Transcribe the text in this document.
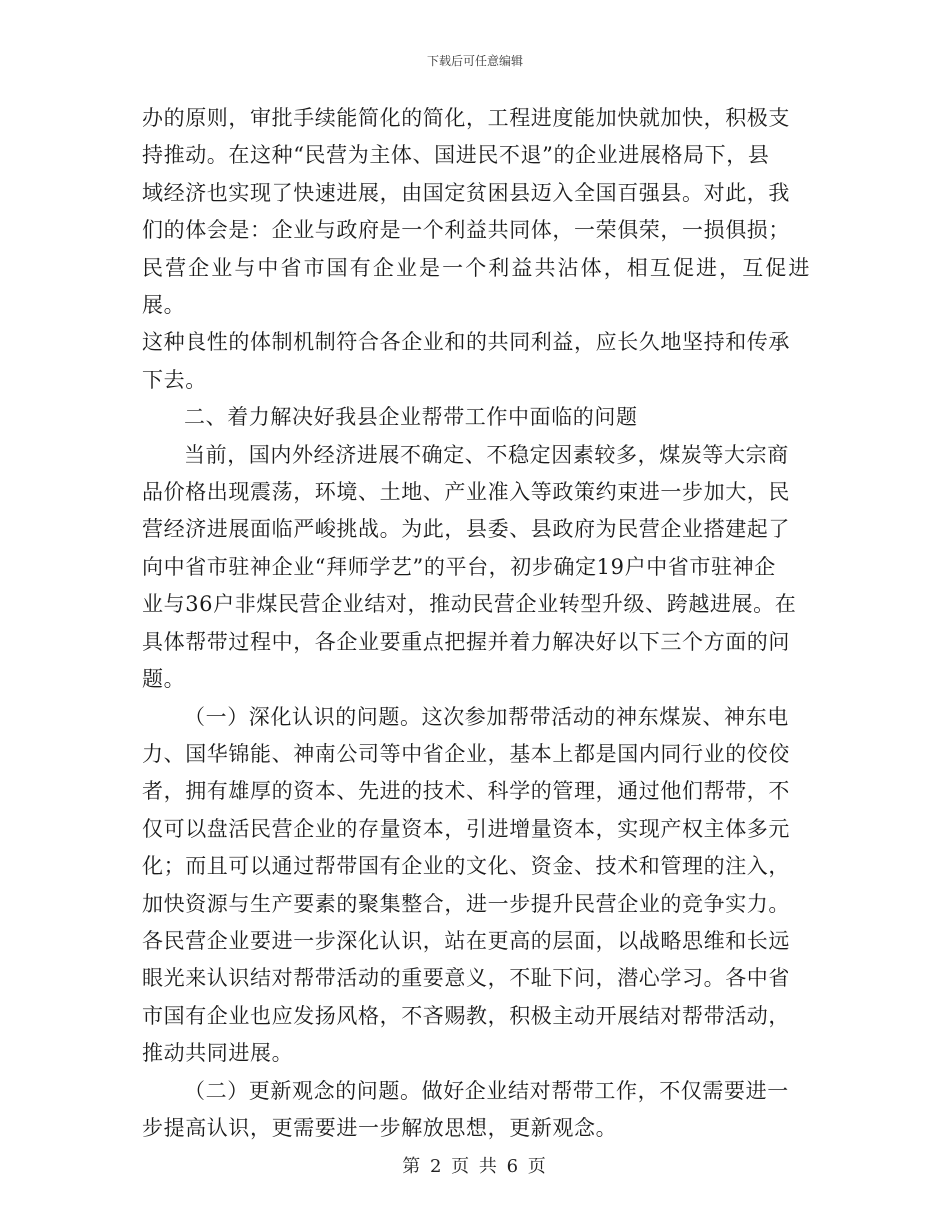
下载后可任意编辑

办的原则，审批手续能简化的简化，工程进度能加快就加快，积极支
持推动。在这种“民营为主体、国进民不退”的企业进展格局下，县
域经济也实现了快速进展，由国定贫困县迈入全国百强县。对此，我
们的体会是：企业与政府是一个利益共同体，一荣俱荣，一损俱损；
民营企业与中省市国有企业是一个利益共沾体，相互促进，互促进展。
这种良性的体制机制符合各企业和的共同利益，应长久地坚持和传承
下去。

二、着力解决好我县企业帮带工作中面临的问题

当前，国内外经济进展不确定、不稳定因素较多，煤炭等大宗商
品价格出现震荡，环境、土地、产业准入等政策约束进一步加大，民
营经济进展面临严峻挑战。为此，县委、县政府为民营企业搭建起了
向中省市驻神企业“拜师学艺”的平台，初步确定19户中省市驻神企
业与36户非煤民营企业结对，推动民营企业转型升级、跨越进展。在
具体帮带过程中，各企业要重点把握并着力解决好以下三个方面的问
题。

（一）深化认识的问题。这次参加帮带活动的神东煤炭、神东电
力、国华锦能、神南公司等中省企业，基本上都是国内同行业的佼佼
者，拥有雄厚的资本、先进的技术、科学的管理，通过他们帮带，不
仅可以盘活民营企业的存量资本，引进增量资本，实现产权主体多元
化；而且可以通过帮带国有企业的文化、资金、技术和管理的注入，
加快资源与生产要素的聚集整合，进一步提升民营企业的竞争实力。
各民营企业要进一步深化认识，站在更高的层面，以战略思维和长远
眼光来认识结对帮带活动的重要意义，不耻下问，潜心学习。各中省
市国有企业也应发扬风格，不吝赐教，积极主动开展结对帮带活动，
推动共同进展。

（二）更新观念的问题。做好企业结对帮带工作，不仅需要进一
步提高认识，更需要进一步解放思想，更新观念。

第 2 页 共 6 页
